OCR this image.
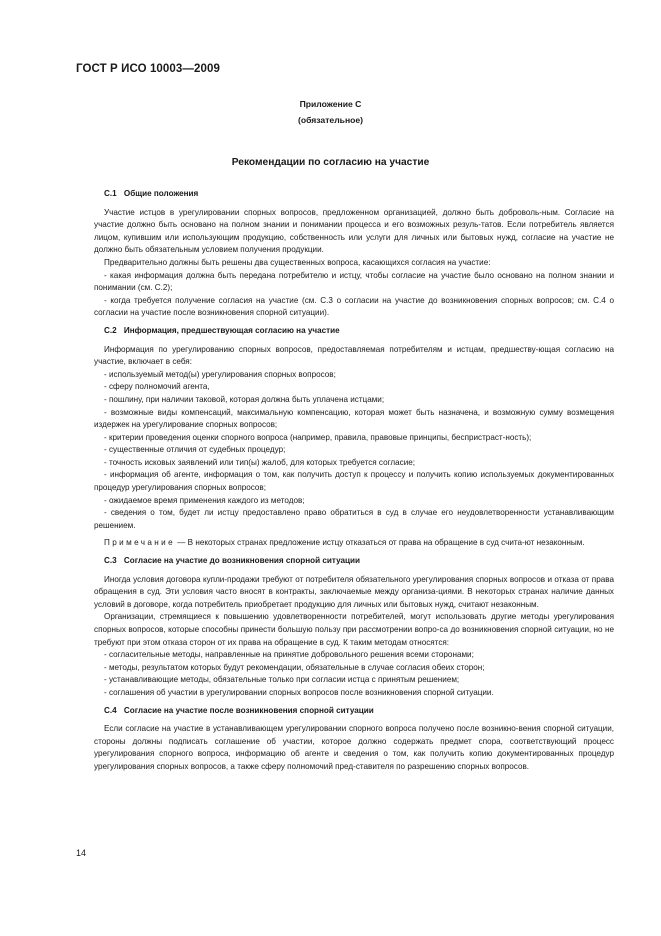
ГОСТ Р ИСО 10003—2009
Приложение С
(обязательное)
Рекомендации по согласию на участие
С.1 Общие положения

Участие истцов в урегулировании спорных вопросов, предложенном организацией, должно быть доброволь-ным. Согласие на участие должно быть основано на полном знании и понимании процесса и его возможных резуль-татов. Если потребитель является лицом, купившим или использующим продукцию, собственность или услуги для личных или бытовых нужд, согласие на участие не должно быть обязательным условием получения продукции.

Предварительно должны быть решены два существенных вопроса, касающихся согласия на участие:

- какая информация должна быть передана потребителю и истцу, чтобы согласие на участие было основано на полном знании и понимании (см. С.2);

- когда требуется получение согласия на участие (см. С.3 о согласии на участие до возникновения спорных вопросов; см. С.4 о согласии на участие после возникновения спорной ситуации).

С.2 Информация, предшествующая согласию на участие

Информация по урегулированию спорных вопросов, предоставляемая потребителям и истцам, предшеству-ющая согласию на участие, включает в себя:

- используемый метод(ы) урегулирования спорных вопросов;

- сферу полномочий агента,

- пошлину, при наличии таковой, которая должна быть уплачена истцами;

- возможные виды компенсаций, максимальную компенсацию, которая может быть назначена, и возможную сумму возмещения издержек на урегулирование спорных вопросов;

- критерии проведения оценки спорного вопроса (например, правила, правовые принципы, беспристраст-ность);

- существенные отличия от судебных процедур;

- точность исковых заявлений или тип(ы) жалоб, для которых требуется согласие;

- информация об агенте, информация о том, как получить доступ к процессу и получить копию используемых документированных процедур урегулирования спорных вопросов;

- ожидаемое время применения каждого из методов;

- сведения о том, будет ли истцу предоставлено право обратиться в суд в случае его неудовлетворенности устанавливающим решением.

Примечание — В некоторых странах предложение истцу отказаться от права на обращение в суд счита-ют незаконным.

С.3 Согласие на участие до возникновения спорной ситуации

Иногда условия договора купли-продажи требуют от потребителя обязательного урегулирования спорных вопросов и отказа от права обращения в суд. Эти условия часто вносят в контракты, заключаемые между организа-циями. В некоторых странах наличие данных условий в договоре, когда потребитель приобретает продукцию для личных или бытовых нужд, считают незаконным.

Организации, стремящиеся к повышению удовлетворенности потребителей, могут использовать другие методы урегулирования спорных вопросов, которые способны принести большую пользу при рассмотрении вопро-са до возникновения спорной ситуации, но не требуют при этом отказа сторон от их права на обращение в суд. К таким методам относятся:

- согласительные методы, направленные на принятие добровольного решения всеми сторонами;

- методы, результатом которых будут рекомендации, обязательные в случае согласия обеих сторон;

- устанавливающие методы, обязательные только при согласии истца с принятым решением;

- соглашения об участии в урегулировании спорных вопросов после возникновения спорной ситуации.

С.4 Согласие на участие после возникновения спорной ситуации

Если согласие на участие в устанавливающем урегулировании спорного вопроса получено после возникно-вения спорной ситуации, стороны должны подписать соглашение об участии, которое должно содержать предмет спора, соответствующий процесс урегулирования спорного вопроса, информацию об агенте и сведения о том, как получить копию документированных процедур урегулирования спорных вопросов, а также сферу полномочий пред-ставителя по разрешению спорных вопросов.

14
